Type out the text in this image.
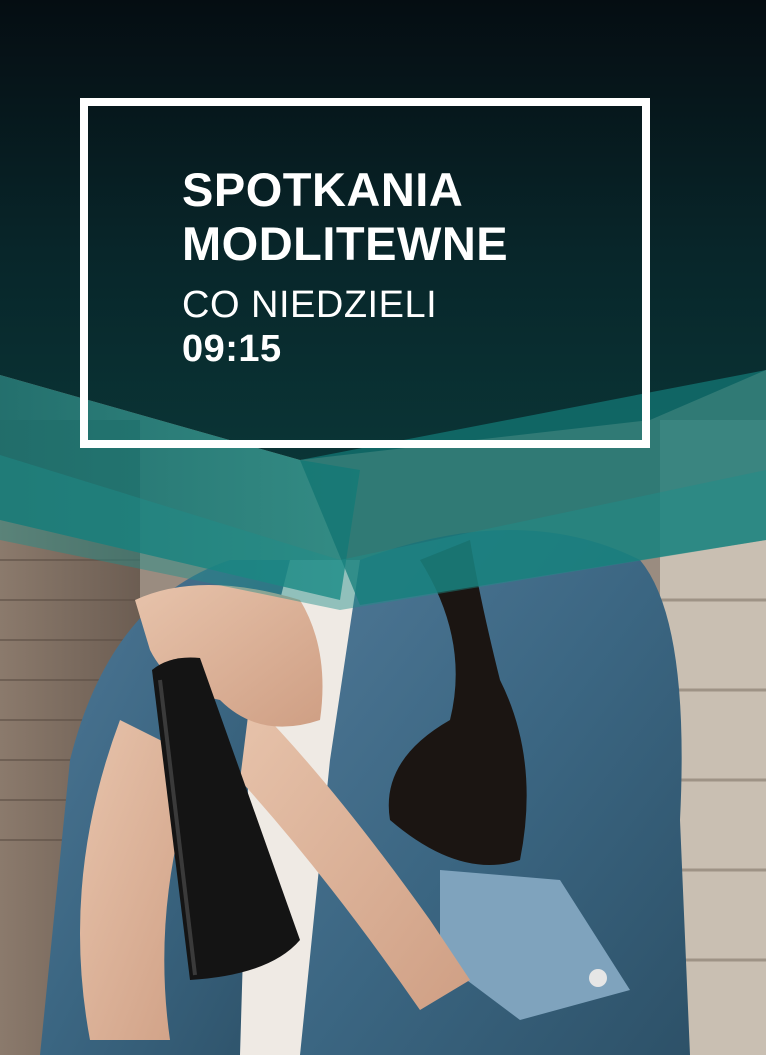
SPOTKANIA
MODLITEWNE
CO NIEDZIELI
09:15
